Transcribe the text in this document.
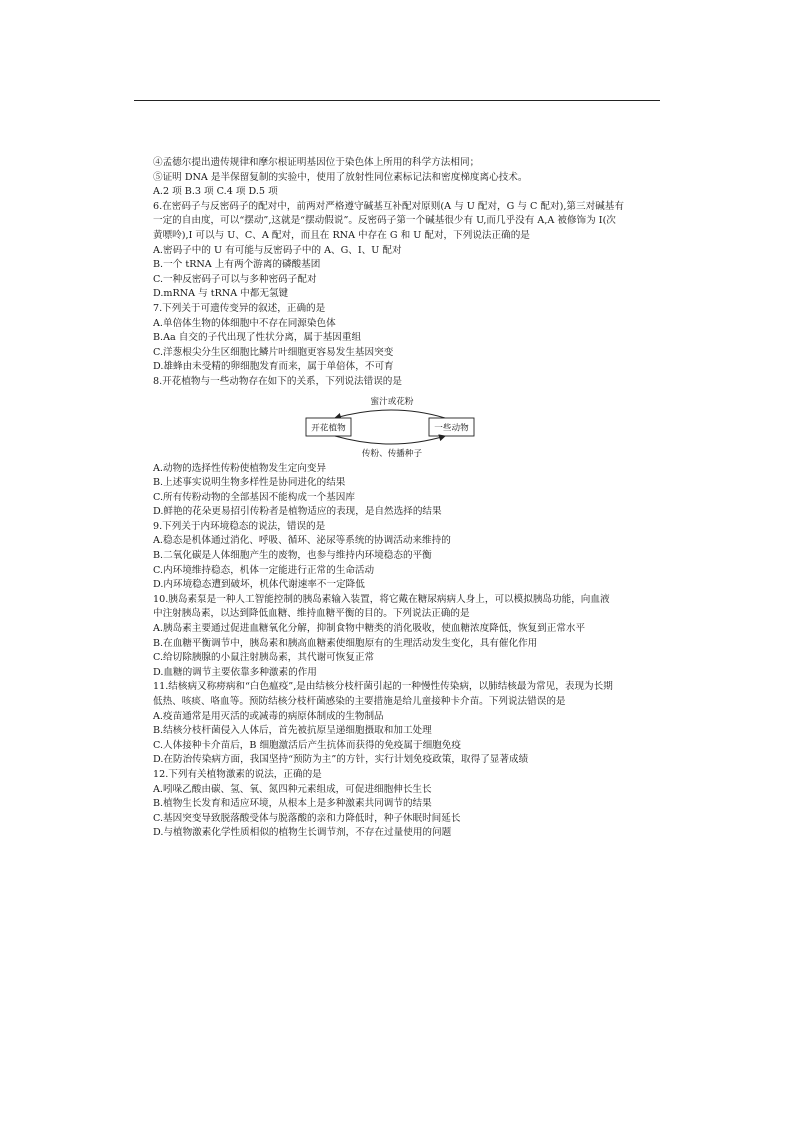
④孟德尔提出遗传规律和摩尔根证明基因位于染色体上所用的科学方法相同；
⑤证明 DNA 是半保留复制的实验中，使用了放射性同位素标记法和密度梯度离心技术。
A.2 项 B.3 项 C.4 项 D.5 项
6.在密码子与反密码子的配对中，前两对严格遵守碱基互补配对原则(A 与 U 配对，G 与 C 配对),第三对碱基有
一定的自由度，可以“摆动”,这就是“摆动假说”。反密码子第一个碱基很少有 U,而几乎没有 A,A 被修饰为 I(次
黄嘌呤),I 可以与 U、C、A 配对，而且在 RNA 中存在 G 和 U 配对，下列说法正确的是
A.密码子中的 U 有可能与反密码子中的 A、G、I、U 配对
B.一个 tRNA 上有两个游离的磷酸基团
C.一种反密码子可以与多种密码子配对
D.mRNA 与 tRNA 中都无氢键
7.下列关于可遗传变异的叙述，正确的是
A.单倍体生物的体细胞中不存在同源染色体
B.Aa 自交的子代出现了性状分离，属于基因重组
C.洋葱根尖分生区细胞比鳞片叶细胞更容易发生基因突变
D.雄蜂由未受精的卵细胞发育而来，属于单倍体，不可育
8.开花植物与一些动物存在如下的关系，下列说法错误的是
蜜汁或花粉
开花植物	一些动物
传粉、传播种子
A.动物的选择性传粉使植物发生定向变异
B.上述事实说明生物多样性是协同进化的结果
C.所有传粉动物的全部基因不能构成一个基因库
D.鲜艳的花朵更易招引传粉者是植物适应的表现，是自然选择的结果
9.下列关于内环境稳态的说法，错误的是
A.稳态是机体通过消化、呼吸、循环、泌尿等系统的协调活动来维持的
B.二氧化碳是人体细胞产生的废物，也参与维持内环境稳态的平衡
C.内环境维持稳态，机体一定能进行正常的生命活动
D.内环境稳态遭到破坏，机体代谢速率不一定降低
10.胰岛素泵是一种人工智能控制的胰岛素输入装置，将它戴在糖尿病病人身上，可以模拟胰岛功能，向血液
中注射胰岛素，以达到降低血糖、维持血糖平衡的目的。下列说法正确的是
A.胰岛素主要通过促进血糖氧化分解，抑制食物中糖类的消化吸收，使血糖浓度降低，恢复到正常水平
B.在血糖平衡调节中，胰岛素和胰高血糖素使细胞原有的生理活动发生变化，具有催化作用
C.给切除胰腺的小鼠注射胰岛素，其代谢可恢复正常
D.血糖的调节主要依靠多种激素的作用
11.结核病又称痨病和“白色瘟疫”,是由结核分枝杆菌引起的一种慢性传染病，以肺结核最为常见，表现为长期
低热、咳痰、咯血等。预防结核分枝杆菌感染的主要措施是给儿童接种卡介苗。下列说法错误的是
A.疫苗通常是用灭活的或减毒的病原体制成的生物制品
B.结核分枝杆菌侵入人体后，首先被抗原呈递细胞摄取和加工处理
C.人体接种卡介苗后，B 细胞激活后产生抗体而获得的免疫属于细胞免疫
D.在防治传染病方面，我国坚持“预防为主”的方针，实行计划免疫政策，取得了显著成绩
12.下列有关植物激素的说法，正确的是
A.吲哚乙酸由碳、氢、氧、氮四种元素组成，可促进细胞伸长生长
B.植物生长发育和适应环境，从根本上是多种激素共同调节的结果
C.基因突变导致脱落酸受体与脱落酸的亲和力降低时，种子休眠时间延长
D.与植物激素化学性质相似的植物生长调节剂，不存在过量使用的问题
